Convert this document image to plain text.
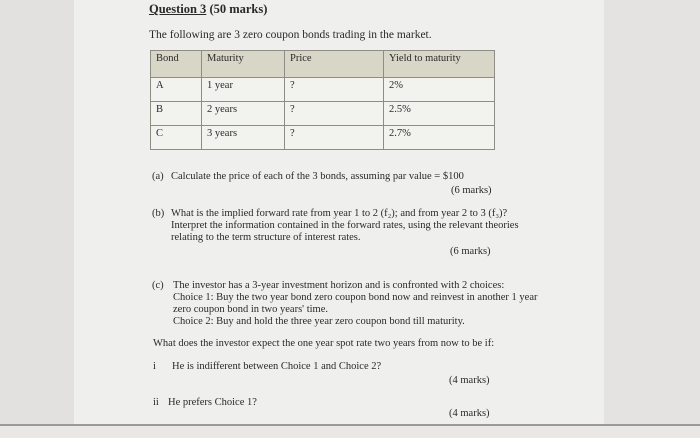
Question 3 (50 marks)
The following are 3 zero coupon bonds trading in the market.
Bond	Maturity	Price	Yield to maturity
A	1 year	?	2%
B	2 years	?	2.5%
C	3 years	?	2.7%
(a) Calculate the price of each of the 3 bonds, assuming par value = $100
(6 marks)
(b) What is the implied forward rate from year 1 to 2 (f₂); and from year 2 to 3 (f₃)?
Interpret the information contained in the forward rates, using the relevant theories
relating to the term structure of interest rates.
(6 marks)
(c) The investor has a 3-year investment horizon and is confronted with 2 choices:
Choice 1: Buy the two year bond zero coupon bond now and reinvest in another 1 year
zero coupon bond in two years' time.
Choice 2: Buy and hold the three year zero coupon bond till maturity.
What does the investor expect the one year spot rate two years from now to be if:
i He is indifferent between Choice 1 and Choice 2?
(4 marks)
ii He prefers Choice 1?
(4 marks)
